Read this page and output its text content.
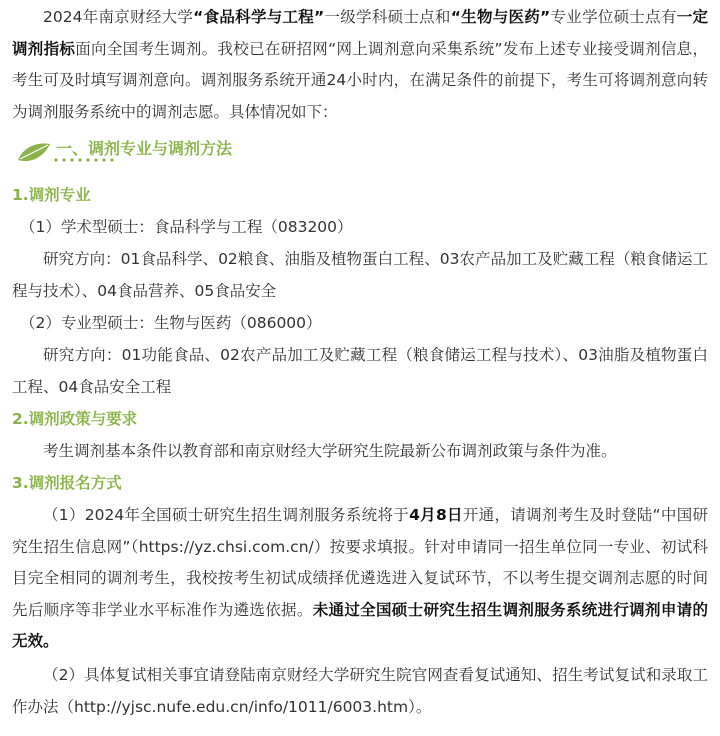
2024年南京财经大学“食品科学与工程”一级学科硕士点和“生物与医药”专业学位硕士点有一定调剂指标面向全国考生调剂。我校已在研招网“网上调剂意向采集系统”发布上述专业接受调剂信息，考生可及时填写调剂意向。调剂服务系统开通24小时内，在满足条件的前提下，考生可将调剂意向转为调剂服务系统中的调剂志愿。具体情况如下：

一、调剂专业与调剂方法
1.调剂专业

（1）学术型硕士：食品科学与工程（083200）

研究方向：01食品科学、02粮食、油脂及植物蛋白工程、03农产品加工及贮藏工程（粮食储运工程与技术）、04食品营养、05食品安全

（2）专业型硕士：生物与医药（086000）

研究方向：01功能食品、02农产品加工及贮藏工程（粮食储运工程与技术）、03油脂及植物蛋白工程、04食品安全工程

2.调剂政策与要求

考生调剂基本条件以教育部和南京财经大学研究生院最新公布调剂政策与条件为准。

3.调剂报名方式

（1）2024年全国硕士研究生招生调剂服务系统将于4月8日开通，请调剂考生及时登陆“中国研究生招生信息网”（https://yz.chsi.com.cn/）按要求填报。针对申请同一招生单位同一专业、初试科目完全相同的调剂考生，我校按考生初试成绩择优遴选进入复试环节，不以考生提交调剂志愿的时间先后顺序等非学业水平标准作为遴选依据。未通过全国硕士研究生招生调剂服务系统进行调剂申请的无效。

（2）具体复试相关事宜请登陆南京财经大学研究生院官网查看复试通知、招生考试复试和录取工作办法（http://yjsc.nufe.edu.cn/info/1011/6003.htm）。
